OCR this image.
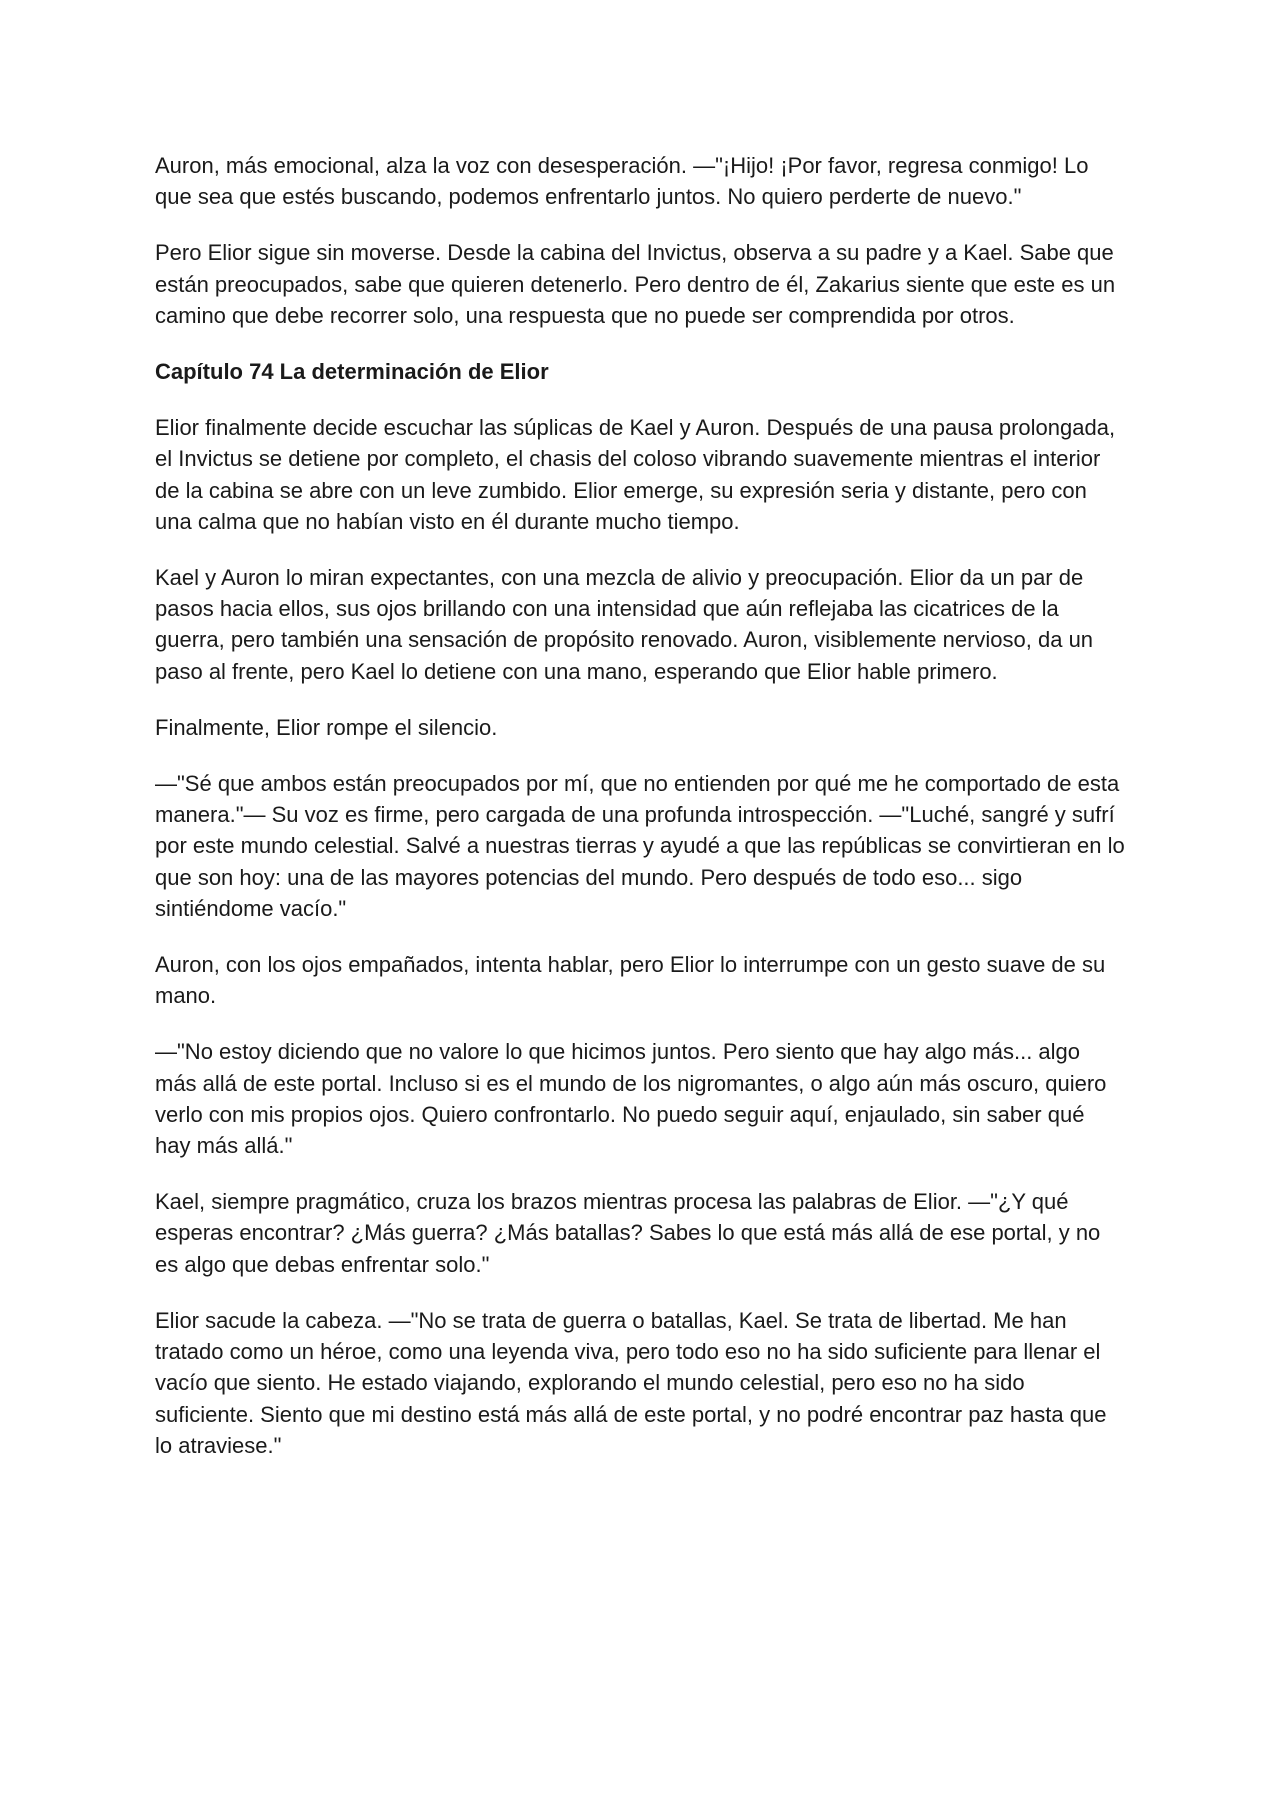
Auron, más emocional, alza la voz con desesperación. —"¡Hijo! ¡Por favor, regresa conmigo! Lo que sea que estés buscando, podemos enfrentarlo juntos. No quiero perderte de nuevo."

Pero Elior sigue sin moverse. Desde la cabina del Invictus, observa a su padre y a Kael. Sabe que están preocupados, sabe que quieren detenerlo. Pero dentro de él, Zakarius siente que este es un camino que debe recorrer solo, una respuesta que no puede ser comprendida por otros.

Capítulo 74 La determinación de Elior

Elior finalmente decide escuchar las súplicas de Kael y Auron. Después de una pausa prolongada, el Invictus se detiene por completo, el chasis del coloso vibrando suavemente mientras el interior de la cabina se abre con un leve zumbido. Elior emerge, su expresión seria y distante, pero con una calma que no habían visto en él durante mucho tiempo.

Kael y Auron lo miran expectantes, con una mezcla de alivio y preocupación. Elior da un par de pasos hacia ellos, sus ojos brillando con una intensidad que aún reflejaba las cicatrices de la guerra, pero también una sensación de propósito renovado. Auron, visiblemente nervioso, da un paso al frente, pero Kael lo detiene con una mano, esperando que Elior hable primero.

Finalmente, Elior rompe el silencio.

—"Sé que ambos están preocupados por mí, que no entienden por qué me he comportado de esta manera."— Su voz es firme, pero cargada de una profunda introspección. —"Luché, sangré y sufrí por este mundo celestial. Salvé a nuestras tierras y ayudé a que las repúblicas se convirtieran en lo que son hoy: una de las mayores potencias del mundo. Pero después de todo eso... sigo sintiéndome vacío."

Auron, con los ojos empañados, intenta hablar, pero Elior lo interrumpe con un gesto suave de su mano.

—"No estoy diciendo que no valore lo que hicimos juntos. Pero siento que hay algo más... algo más allá de este portal. Incluso si es el mundo de los nigromantes, o algo aún más oscuro, quiero verlo con mis propios ojos. Quiero confrontarlo. No puedo seguir aquí, enjaulado, sin saber qué hay más allá."

Kael, siempre pragmático, cruza los brazos mientras procesa las palabras de Elior. —"¿Y qué esperas encontrar? ¿Más guerra? ¿Más batallas? Sabes lo que está más allá de ese portal, y no es algo que debas enfrentar solo."

Elior sacude la cabeza. —"No se trata de guerra o batallas, Kael. Se trata de libertad. Me han tratado como un héroe, como una leyenda viva, pero todo eso no ha sido suficiente para llenar el vacío que siento. He estado viajando, explorando el mundo celestial, pero eso no ha sido suficiente. Siento que mi destino está más allá de este portal, y no podré encontrar paz hasta que lo atraviese."
